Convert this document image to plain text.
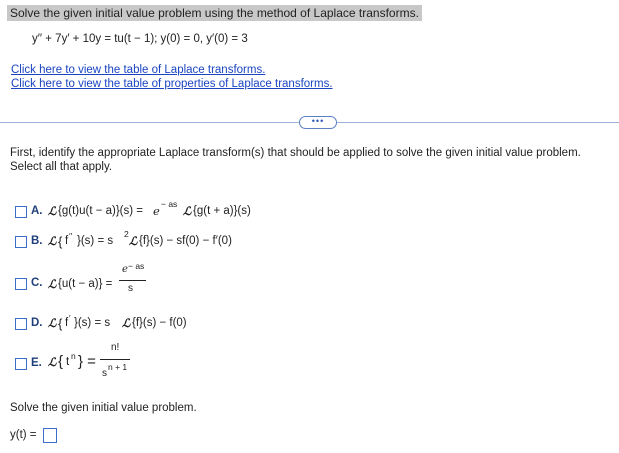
Solve the given initial value problem using the method of Laplace transforms.
y′′ + 7y′ + 10y = tu(t − 1); y(0) = 0, y′(0) = 3
Click here to view the table of Laplace transforms.
Click here to view the table of properties of Laplace transforms.
•••
First, identify the appropriate Laplace transform(s) that should be applied to solve the given initial value problem.
Select all that apply.
A. ℒ {g(t)u(t − a)}(s) = e − as ℒ {g(t + a)}(s)
B. ℒ { f ′′ }(s) = s
2 ℒ {f}(s) − sf(0) − f′(0)
C. ℒ {u(t − a)} =
e − as
s
D. ℒ { f ′ }(s) = s ℒ {f}(s) − f(0)
E. ℒ { t n } =
n!
s
n + 1
Solve the given initial value problem.
y(t) =
